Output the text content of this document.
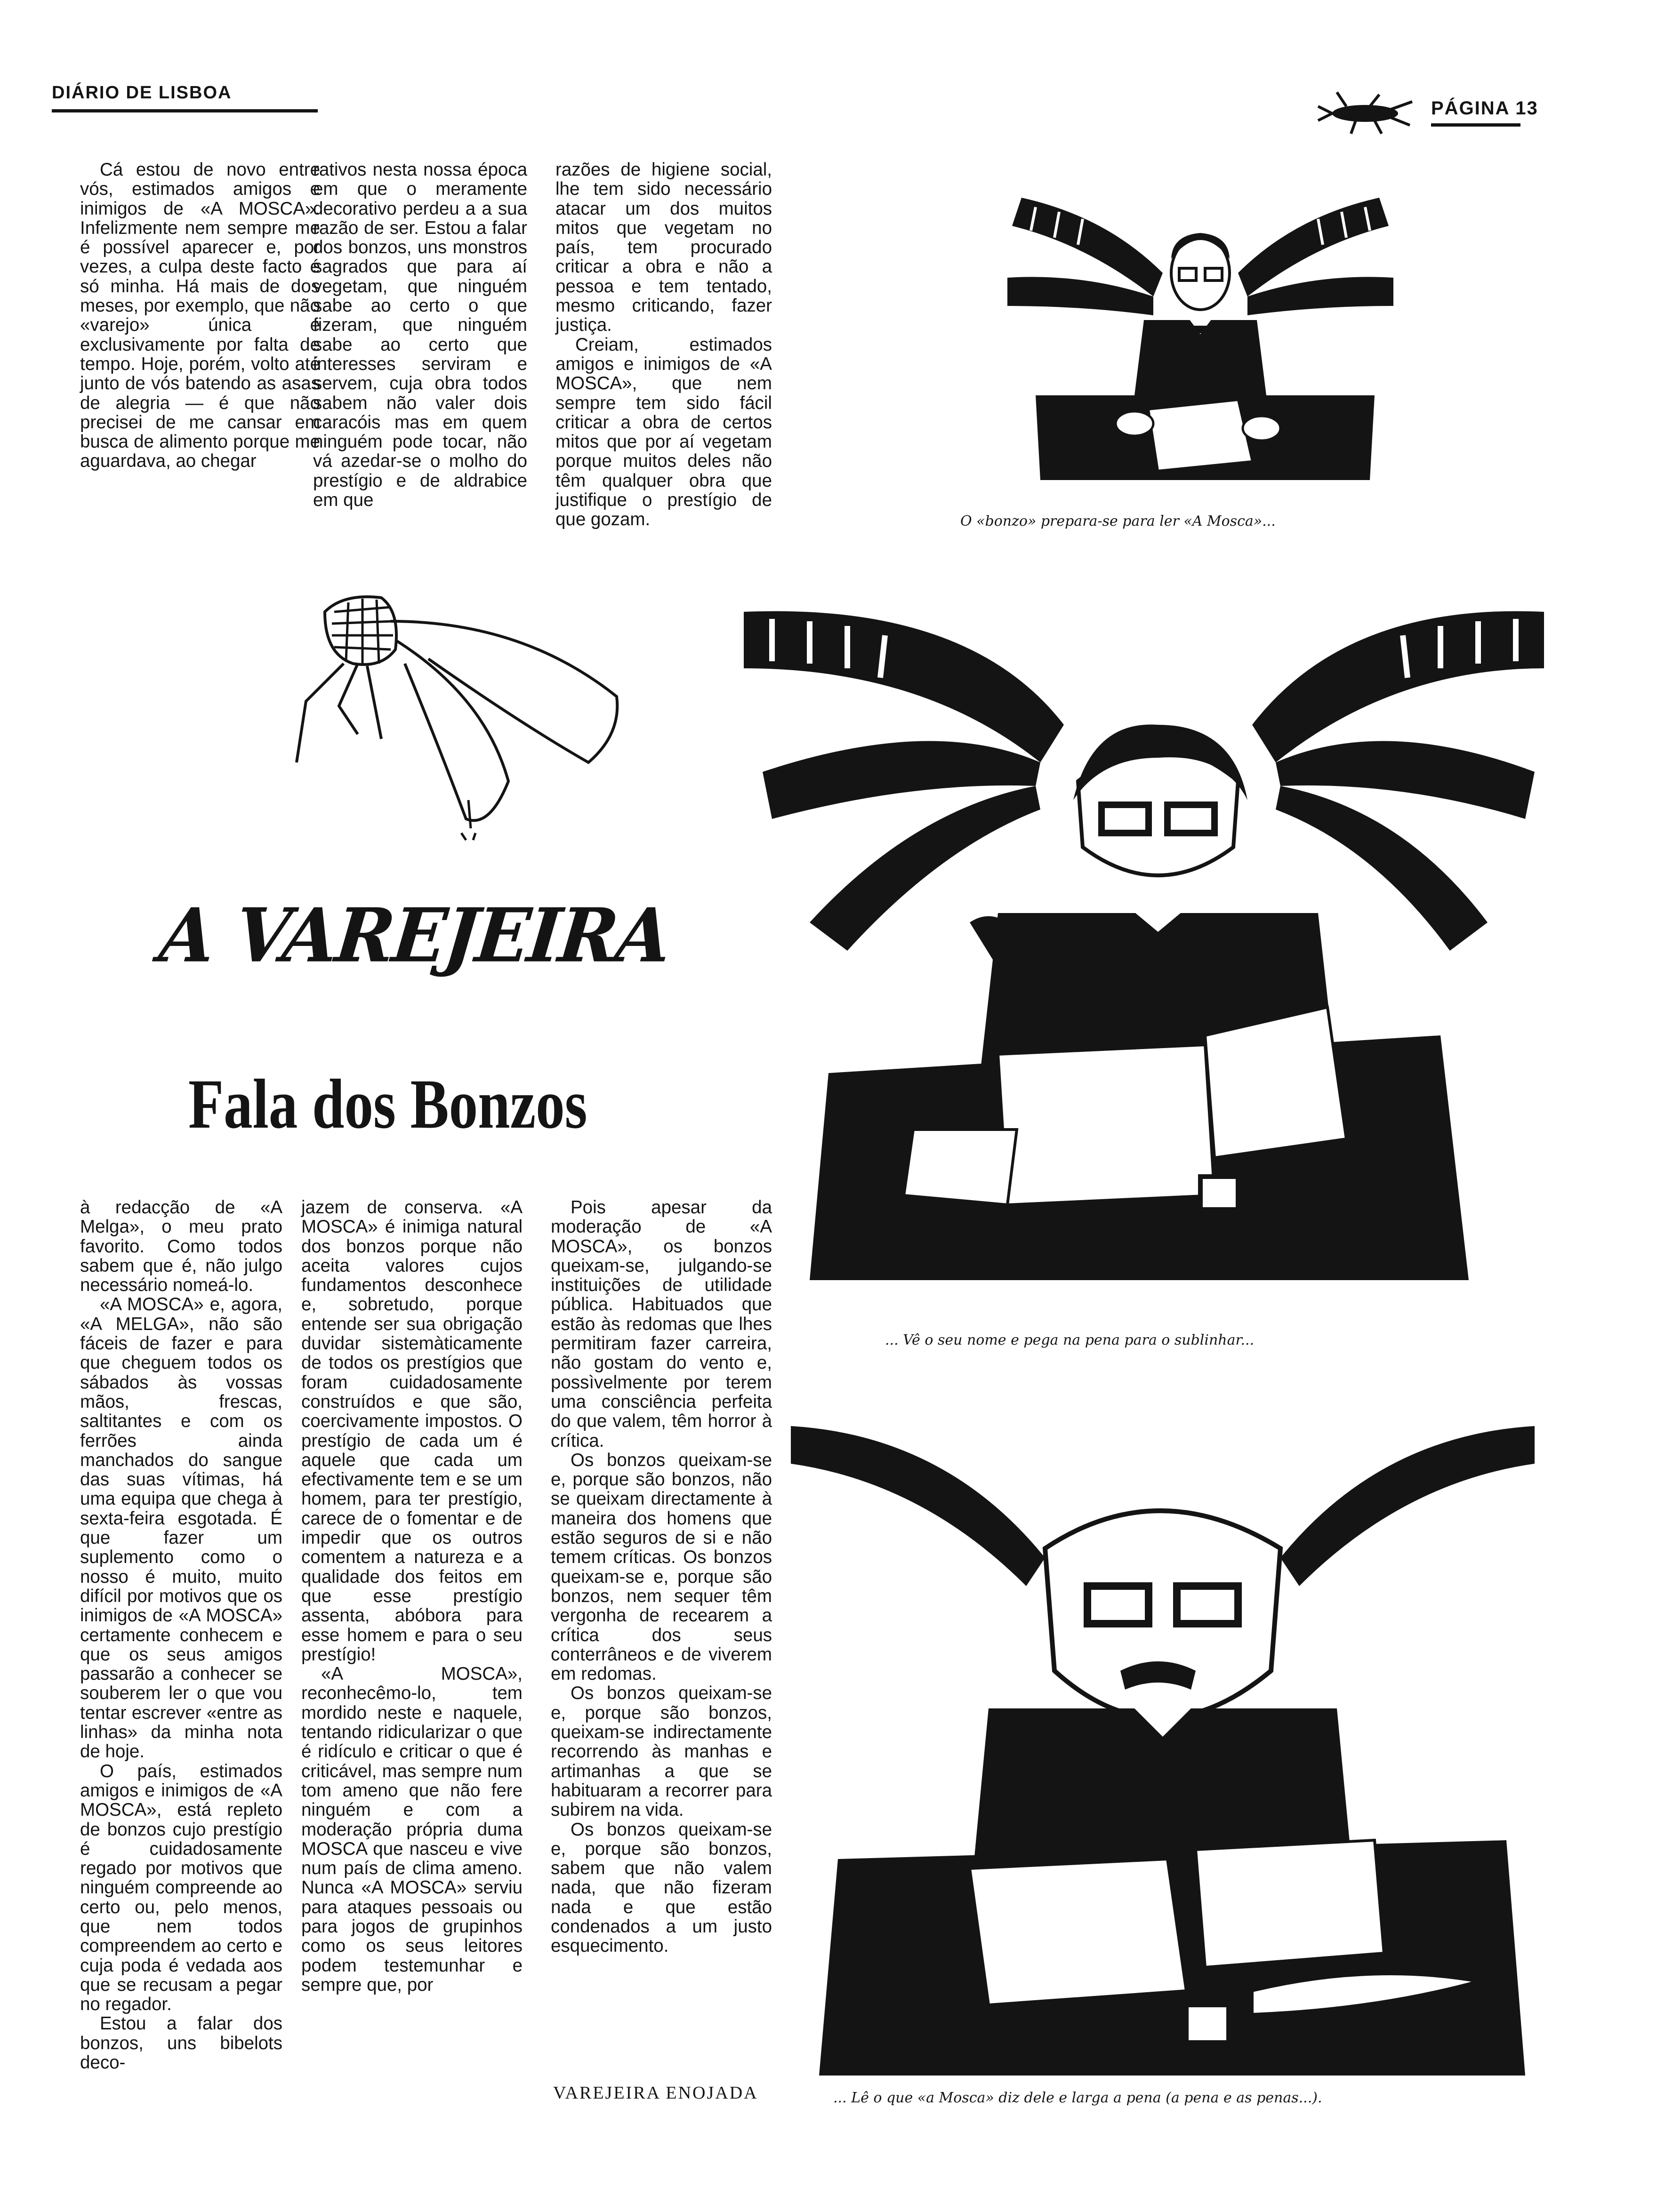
DIÁRIO DE LISBOA
PÁGINA 13

Cá estou de novo entre vós, estimados amigos e inimigos de «A MOSCA». Infelizmente nem sempre me é possível aparecer e, por vezes, a culpa deste facto é só minha. Há mais de dos meses, por exemplo, que não «varejo» única e exclusivamente por falta de tempo. Hoje, porém, volto até junto de vós batendo as asas de alegria — é que não precisei de me cansar em busca de alimento porque me aguardava, ao chegar

rativos nesta nossa época em que o meramente decorativo perdeu a a sua razão de ser. Estou a falar dos bonzos, uns monstros sagrados que para aí vegetam, que ninguém sabe ao certo o que fizeram, que ninguém sabe ao certo que interesses serviram e servem, cuja obra todos sabem não valer dois caracóis mas em quem ninguém pode tocar, não vá azedar-se o molho do prestígio e de aldrabice em que

razões de higiene social, lhe tem sido necessário atacar um dos muitos mitos que vegetam no país, tem procurado criticar a obra e não a pessoa e tem tentado, mesmo criticando, fazer justiça.

Creiam, estimados amigos e inimigos de «A MOSCA», que nem sempre tem sido fácil criticar a obra de certos mitos que por aí vegetam porque muitos deles não têm qualquer obra que justifique o prestígio de que gozam.	O «bonzo» prepara-se para ler «A Mosca»...
A VAREJEIRA
Fala dos Bonzos
... Vê o seu nome e pega na pena para o sublinhar...
... Lê o que «a Mosca» diz dele e larga a pena (a pena e as penas...).

à redacção de «A Melga», o meu prato favorito. Como todos sabem que é, não julgo necessário nomeá-lo.

«A MOSCA» e, agora, «A MELGA», não são fáceis de fazer e para que cheguem todos os sábados às vossas mãos, frescas, saltitantes e com os ferrões ainda manchados do sangue das suas vítimas, há uma equipa que chega à sexta-feira esgotada. É que fazer um suplemento como o nosso é muito, muito difícil por motivos que os inimigos de «A MOSCA» certamente conhecem e que os seus amigos passarão a conhecer se souberem ler o que vou tentar escrever «entre as linhas» da minha nota de hoje.

O país, estimados amigos e inimigos de «A MOSCA», está repleto de bonzos cujo prestígio é cuidadosamente regado por motivos que ninguém compreende ao certo ou, pelo menos, que nem todos compreendem ao certo e cuja poda é vedada aos que se recusam a pegar no regador.

Estou a falar dos bonzos, uns bibelots deco-

jazem de conserva. «A MOSCA» é inimiga natural dos bonzos porque não aceita valores cujos fundamentos desconhece e, sobretudo, porque entende ser sua obrigação duvidar sistemàticamente de todos os prestígios que foram cuidadosamente construídos e que são, coercivamente impostos. O prestígio de cada um é aquele que cada um efectivamente tem e se um homem, para ter prestígio, carece de o fomentar e de impedir que os outros comentem a natureza e a qualidade dos feitos em que esse prestígio assenta, abóbora para esse homem e para o seu prestígio!

«A MOSCA», reconhecêmo-lo, tem mordido neste e naquele, tentando ridicularizar o que é ridículo e criticar o que é criticável, mas sempre num tom ameno que não fere ninguém e com a moderação própria duma MOSCA que nasceu e vive num país de clima ameno. Nunca «A MOSCA» serviu para ataques pessoais ou para jogos de grupinhos como os seus leitores podem testemunhar e sempre que, por

Pois apesar da moderação de «A MOSCA», os bonzos queixam-se, julgando-se instituições de utilidade pública. Habituados que estão às redomas que lhes permitiram fazer carreira, não gostam do vento e, possìvelmente por terem uma consciência perfeita do que valem, têm horror à crítica.

Os bonzos queixam-se e, porque são bonzos, não se queixam directamente à maneira dos homens que estão seguros de si e não temem críticas. Os bonzos queixam-se e, porque são bonzos, nem sequer têm vergonha de recearem a crítica dos seus conterrâneos e de viverem em redomas.

Os bonzos queixam-se e, porque são bonzos, queixam-se indirectamente recorrendo às manhas e artimanhas a que se habituaram a recorrer para subirem na vida.

Os bonzos queixam-se e, porque são bonzos, sabem que não valem nada, que não fizeram nada e que estão condenados a um justo esquecimento.

VAREJEIRA ENOJADA
